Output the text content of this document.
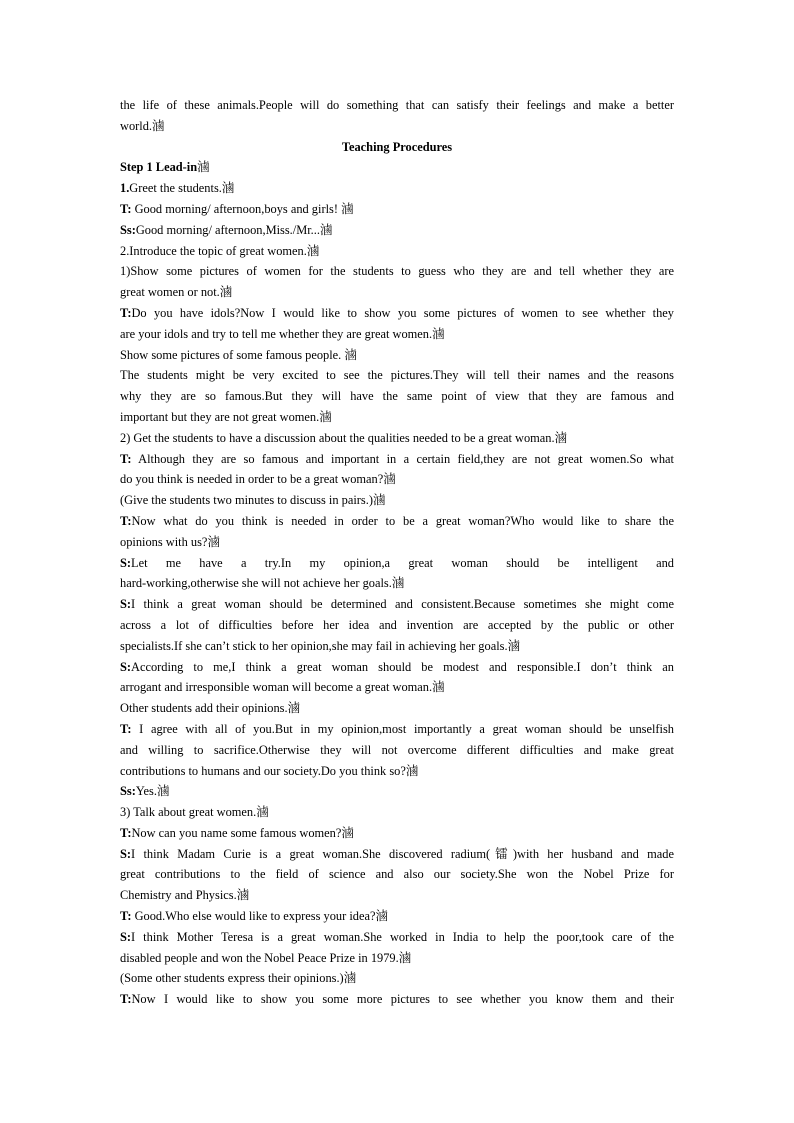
the life of these animals.People will do something that can satisfy their feelings and make a better
world.滷
Teaching Procedures
Step 1 Lead-in滷
1.Greet the students.滷
T: Good morning/ afternoon,boys and girls! 滷
Ss:Good morning/ afternoon,Miss./Mr...滷
2.Introduce the topic of great women.滷
1)Show some pictures of women for the students to guess who they are and tell whether they are
great women or not.滷
T:Do you have idols?Now I would like to show you some pictures of women to see whether they
are your idols and try to tell me whether they are great women.滷
Show some pictures of some famous people. 滷
The students might be very excited to see the pictures.They will tell their names and the reasons
why they are so famous.But they will have the same point of view that they are famous and
important but they are not great women.滷
2) Get the students to have a discussion about the qualities needed to be a great woman.滷
T: Although they are so famous and important in a certain field,they are not great women.So what
do you think is needed in order to be a great woman?滷
(Give the students two minutes to discuss in pairs.)滷
T:Now what do you think is needed in order to be a great woman?Who would like to share the
opinions with us?滷
S:Let me have a try.In my opinion,a great woman should be intelligent and
hard-working,otherwise she will not achieve her goals.滷
S:I think a great woman should be determined and consistent.Because sometimes she might come
across a lot of difficulties before her idea and invention are accepted by the public or other
specialists.If she can’t stick to her opinion,she may fail in achieving her goals.滷
S:According to me,I think a great woman should be modest and responsible.I don’t think an
arrogant and irresponsible woman will become a great woman.滷
Other students add their opinions.滷
T: I agree with all of you.But in my opinion,most importantly a great woman should be unselfish
and willing to sacrifice.Otherwise they will not overcome different difficulties and make great
contributions to humans and our society.Do you think so?滷
Ss:Yes.滷
3) Talk about great women.滷
T:Now can you name some famous women?滷
S:I think Madam Curie is a great woman.She discovered radium(镭)with her husband and made
great contributions to the field of science and also our society.She won the Nobel Prize for
Chemistry and Physics.滷
T: Good.Who else would like to express your idea?滷
S:I think Mother Teresa is a great woman.She worked in India to help the poor,took care of the
disabled people and won the Nobel Peace Prize in 1979.滷
(Some other students express their opinions.)滷
T:Now I would like to show you some more pictures to see whether you know them and their
